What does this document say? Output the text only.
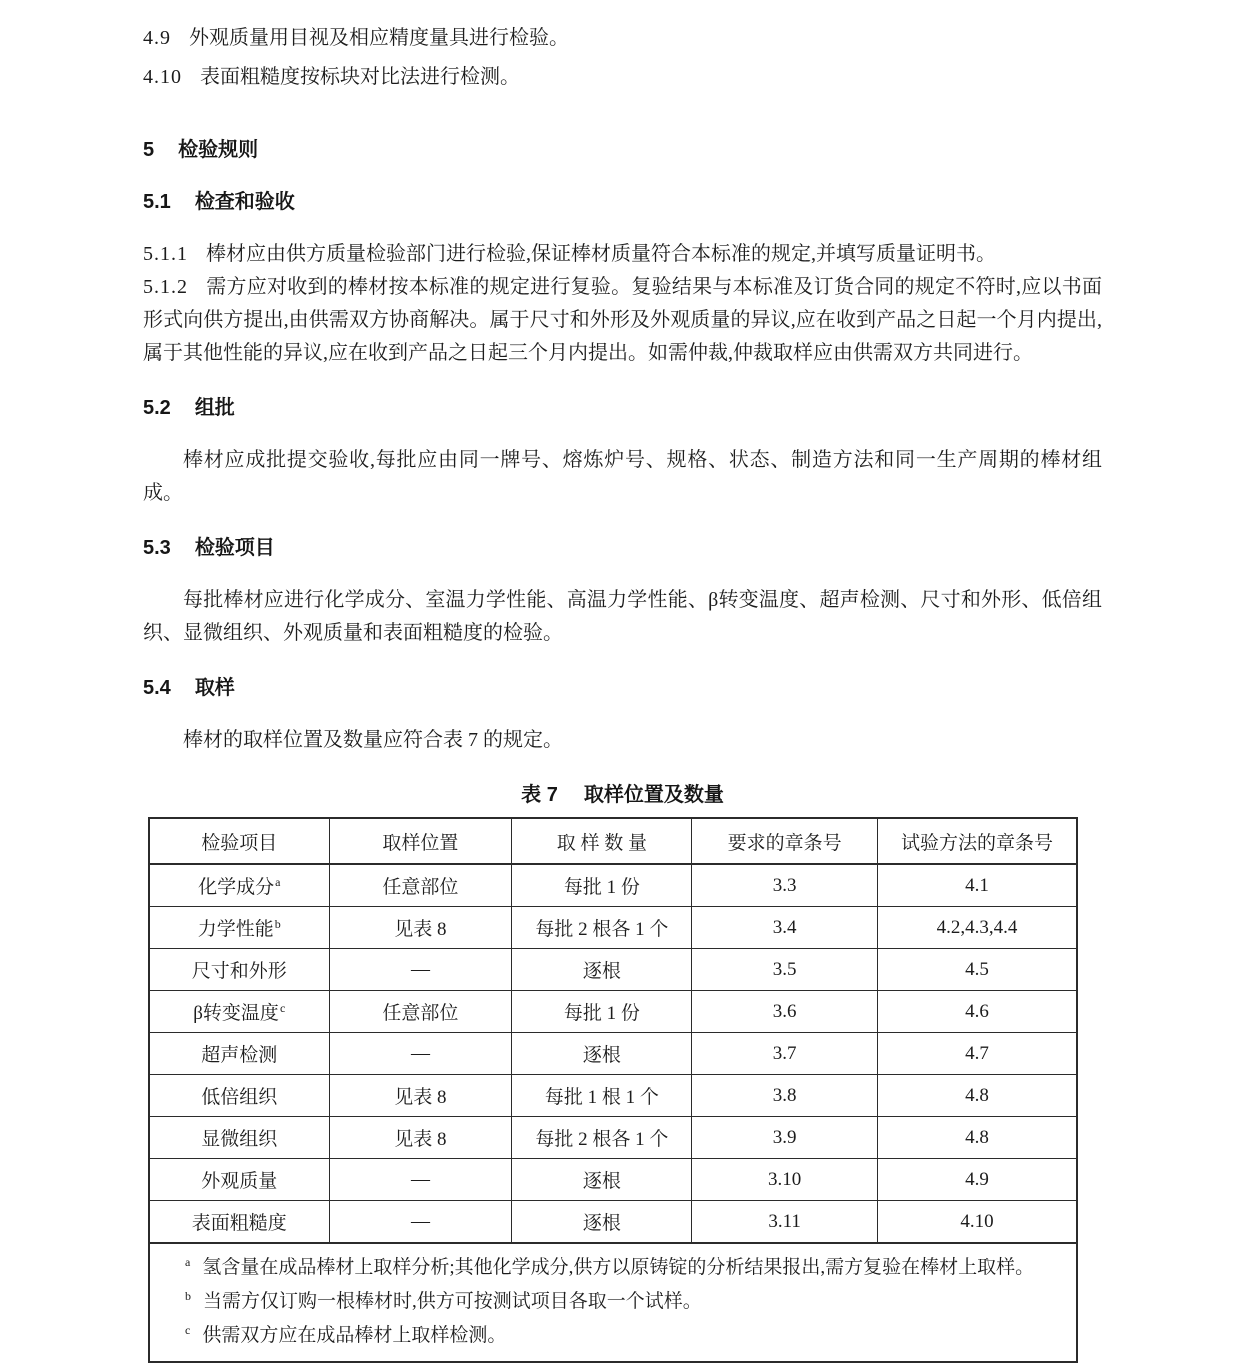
4.9 外观质量用目视及相应精度量具进行检验。

4.10 表面粗糙度按标块对比法进行检测。

5 检验规则
5.1 检查和验收

5.1.1 棒材应由供方质量检验部门进行检验,保证棒材质量符合本标准的规定,并填写质量证明书。

5.1.2 需方应对收到的棒材按本标准的规定进行复验。复验结果与本标准及订货合同的规定不符时,应以书面形式向供方提出,由供需双方协商解决。属于尺寸和外形及外观质量的异议,应在收到产品之日起一个月内提出,属于其他性能的异议,应在收到产品之日起三个月内提出。如需仲裁,仲裁取样应由供需双方共同进行。

5.2 组批

棒材应成批提交验收,每批应由同一牌号、熔炼炉号、规格、状态、制造方法和同一生产周期的棒材组成。

5.3 检验项目

每批棒材应进行化学成分、室温力学性能、高温力学性能、β转变温度、超声检测、尺寸和外形、低倍组织、显微组织、外观质量和表面粗糙度的检验。

5.4 取样

棒材的取样位置及数量应符合表 7 的规定。

表 7 取样位置及数量
检验项目	取样位置	取 样 数 量	要求的章条号	试验方法的章条号
化学成分$^a$	任意部位	每批 1 份	3.3	4.1
力学性能$^b$	见表 8	每批 2 根各 1 个	3.4	4.2,4.3,4.4
尺寸和外形	—	逐根	3.5	4.5
β转变温度$^c$	任意部位	每批 1 份	3.6	4.6
超声检测	—	逐根	3.7	4.7
低倍组织	见表 8	每批 1 根 1 个	3.8	4.8
显微组织	见表 8	每批 2 根各 1 个	3.9	4.8
外观质量	—	逐根	3.10	4.9
表面粗糙度	—	逐根	3.11	4.10

$^a$ 氢含量在成品棒材上取样分析;其他化学成分,供方以原铸锭的分析结果报出,需方复验在棒材上取样。
$^b$ 当需方仅订购一根棒材时,供方可按测试项目各取一个试样。
$^c$ 供需双方应在成品棒材上取样检测。				
